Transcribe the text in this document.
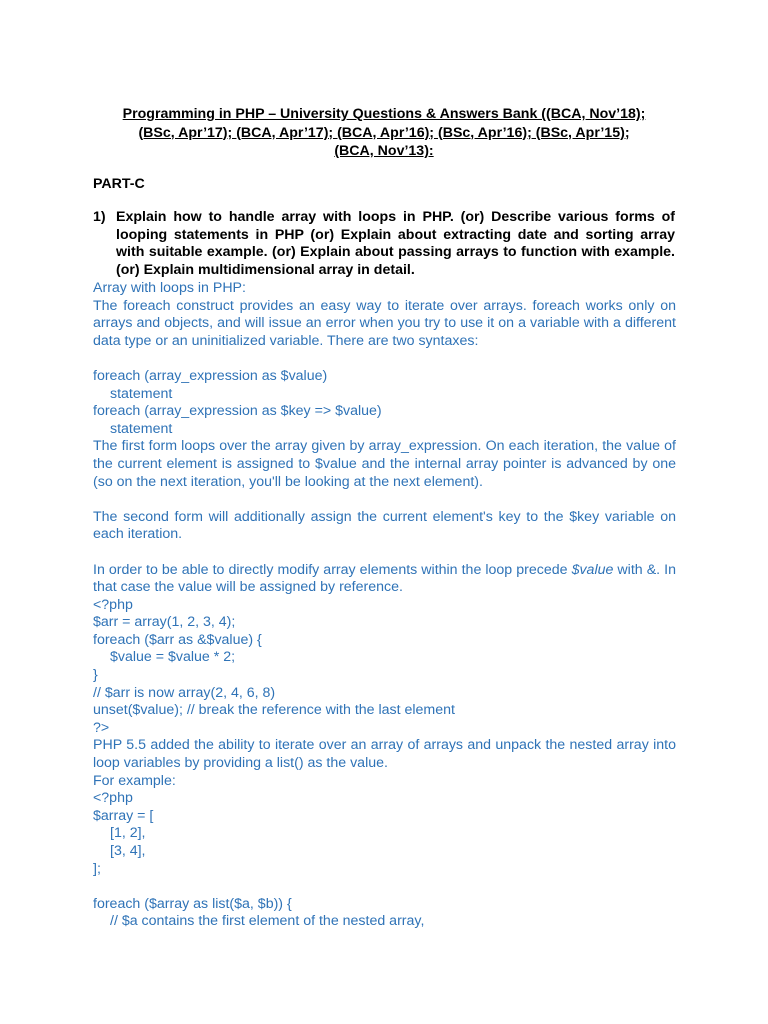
Programming in PHP – University Questions & Answers Bank ((BCA, Nov’18);
(BSc, Apr’17); (BCA, Apr’17); (BCA, Apr’16); (BSc, Apr’16); (BSc, Apr’15);
(BCA, Nov’13):

PART-C

1) Explain how to handle array with loops in PHP. (or) Describe various forms of looping statements in PHP (or) Explain about extracting date and sorting array with suitable example. (or) Explain about passing arrays to function with example. (or) Explain multidimensional array in detail.

Array with loops in PHP:

The foreach construct provides an easy way to iterate over arrays. foreach works only on arrays and objects, and will issue an error when you try to use it on a variable with a different data type or an uninitialized variable. There are two syntaxes:

foreach (array_expression as $value)

statement

foreach (array_expression as $key => $value)

statement

The first form loops over the array given by array_expression. On each iteration, the value of the current element is assigned to $value and the internal array pointer is advanced by one (so on the next iteration, you'll be looking at the next element).

The second form will additionally assign the current element's key to the $key variable on each iteration.

In order to be able to directly modify array elements within the loop precede $value with &. In that case the value will be assigned by reference.

<?php

$arr = array(1, 2, 3, 4);

foreach ($arr as &$value) {

$value = $value * 2;

}

// $arr is now array(2, 4, 6, 8)

unset($value); // break the reference with the last element

?>

PHP 5.5 added the ability to iterate over an array of arrays and unpack the nested array into loop variables by providing a list() as the value.

For example:

<?php

$array = [

[1, 2],

[3, 4],

];

foreach ($array as list($a, $b)) {

// $a contains the first element of the nested array,
